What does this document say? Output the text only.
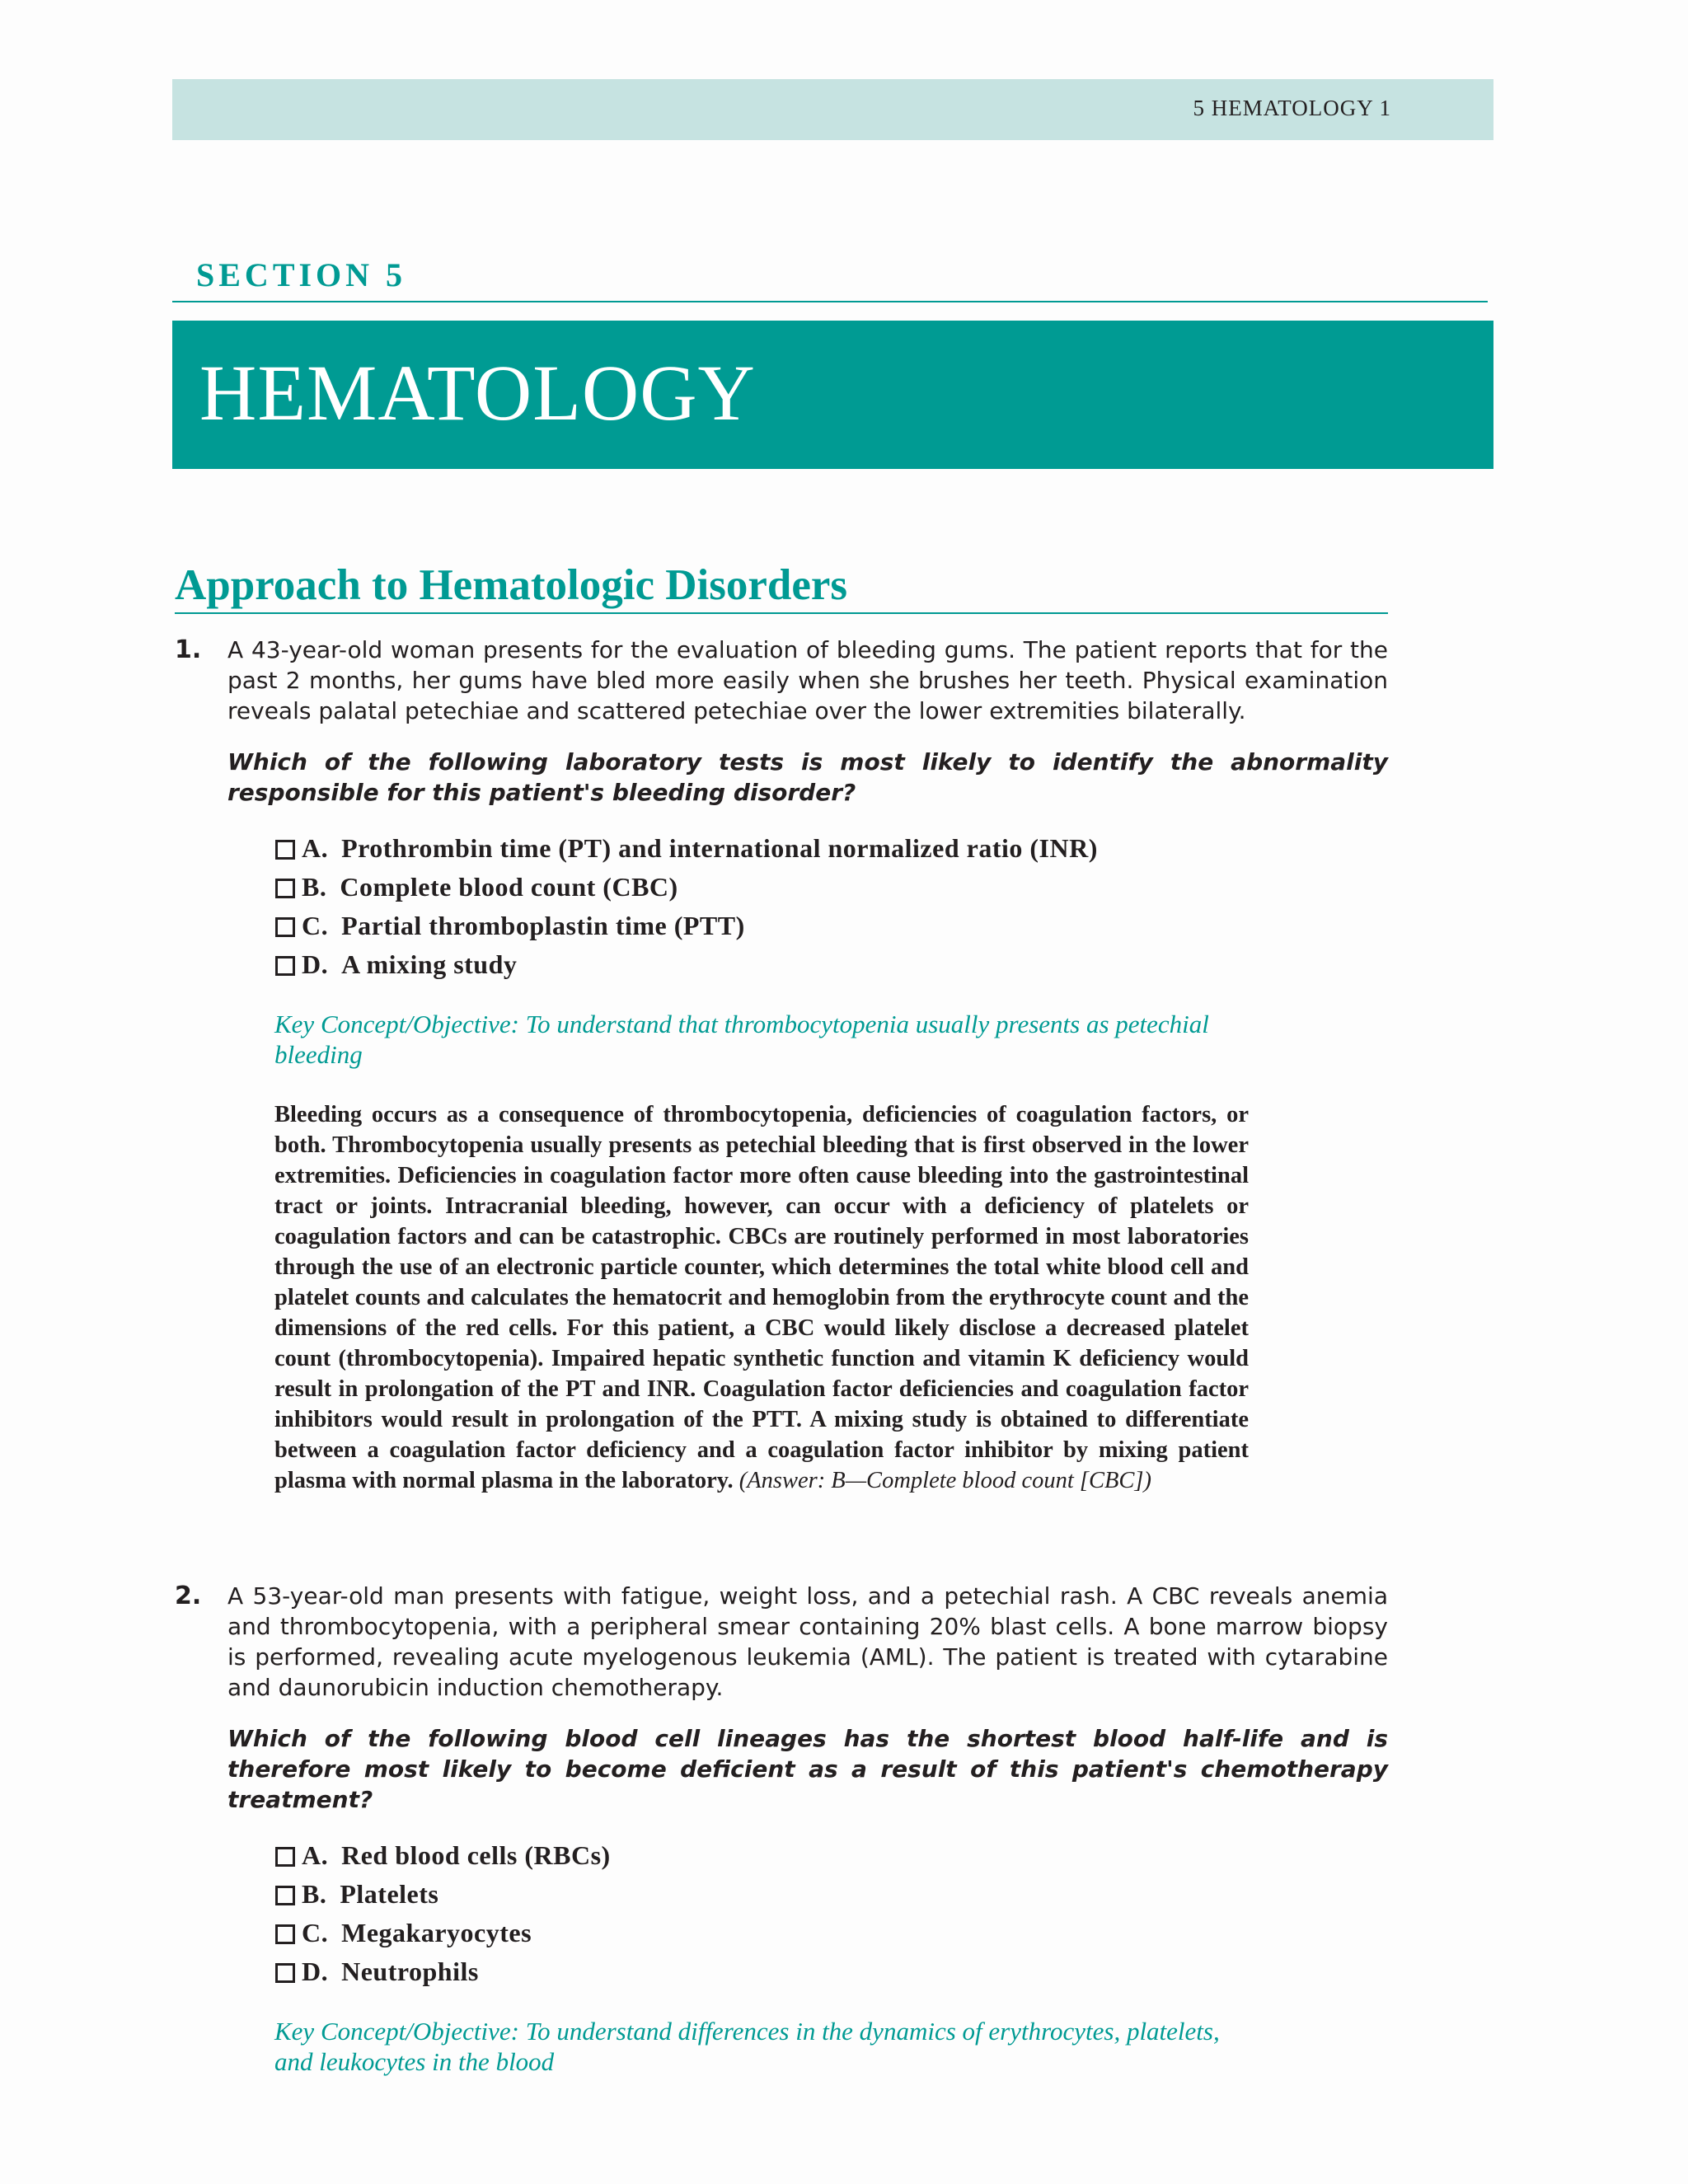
5 HEMATOLOGY 1
SECTION 5
HEMATOLOGY
Approach to Hematologic Disorders
1.	A 43-year-old woman presents for the evaluation of bleeding gums. The patient reports that for the past 2 months, her gums have bled more easily when she brushes her teeth. Physical examination reveals palatal petechiae and scattered petechiae over the lower extremities bilaterally.

Which of the following laboratory tests is most likely to identify the abnormality responsible for this patient's bleeding disorder?

A. Prothrombin time (PT) and international normalized ratio (INR)
B. Complete blood count (CBC)
C. Partial thromboplastin time (PTT)
D. A mixing study

Key Concept/Objective: To understand that thrombocytopenia usually presents as petechial bleeding

Bleeding occurs as a consequence of thrombocytopenia, deficiencies of coagulation factors, or both. Thrombocytopenia usually presents as petechial bleeding that is first observed in the lower extremities. Deficiencies in coagulation factor more often cause bleeding into the gastrointestinal tract or joints. Intracranial bleeding, however, can occur with a deficiency of platelets or coagulation factors and can be catastrophic. CBCs are routinely performed in most laboratories through the use of an electronic particle counter, which determines the total white blood cell and platelet counts and calculates the hematocrit and hemoglobin from the erythrocyte count and the dimensions of the red cells. For this patient, a CBC would likely disclose a decreased platelet count (thrombocytopenia). Impaired hepatic synthetic function and vitamin K deficiency would result in prolongation of the PT and INR. Coagulation factor deficiencies and coagulation factor inhibitors would result in prolongation of the PTT. A mixing study is obtained to differentiate between a coagulation factor deficiency and a coagulation factor inhibitor by mixing patient plasma with normal plasma in the laboratory. (Answer: B—Complete blood count [CBC])

2.	A 53-year-old man presents with fatigue, weight loss, and a petechial rash. A CBC reveals anemia and thrombocytopenia, with a peripheral smear containing 20% blast cells. A bone marrow biopsy is performed, revealing acute myelogenous leukemia (AML). The patient is treated with cytarabine and daunorubicin induction chemotherapy.

Which of the following blood cell lineages has the shortest blood half-life and is therefore most likely to become deficient as a result of this patient's chemotherapy treatment?

A. Red blood cells (RBCs)
B. Platelets
C. Megakaryocytes
D. Neutrophils

Key Concept/Objective: To understand differences in the dynamics of erythrocytes, platelets, and leukocytes in the blood
